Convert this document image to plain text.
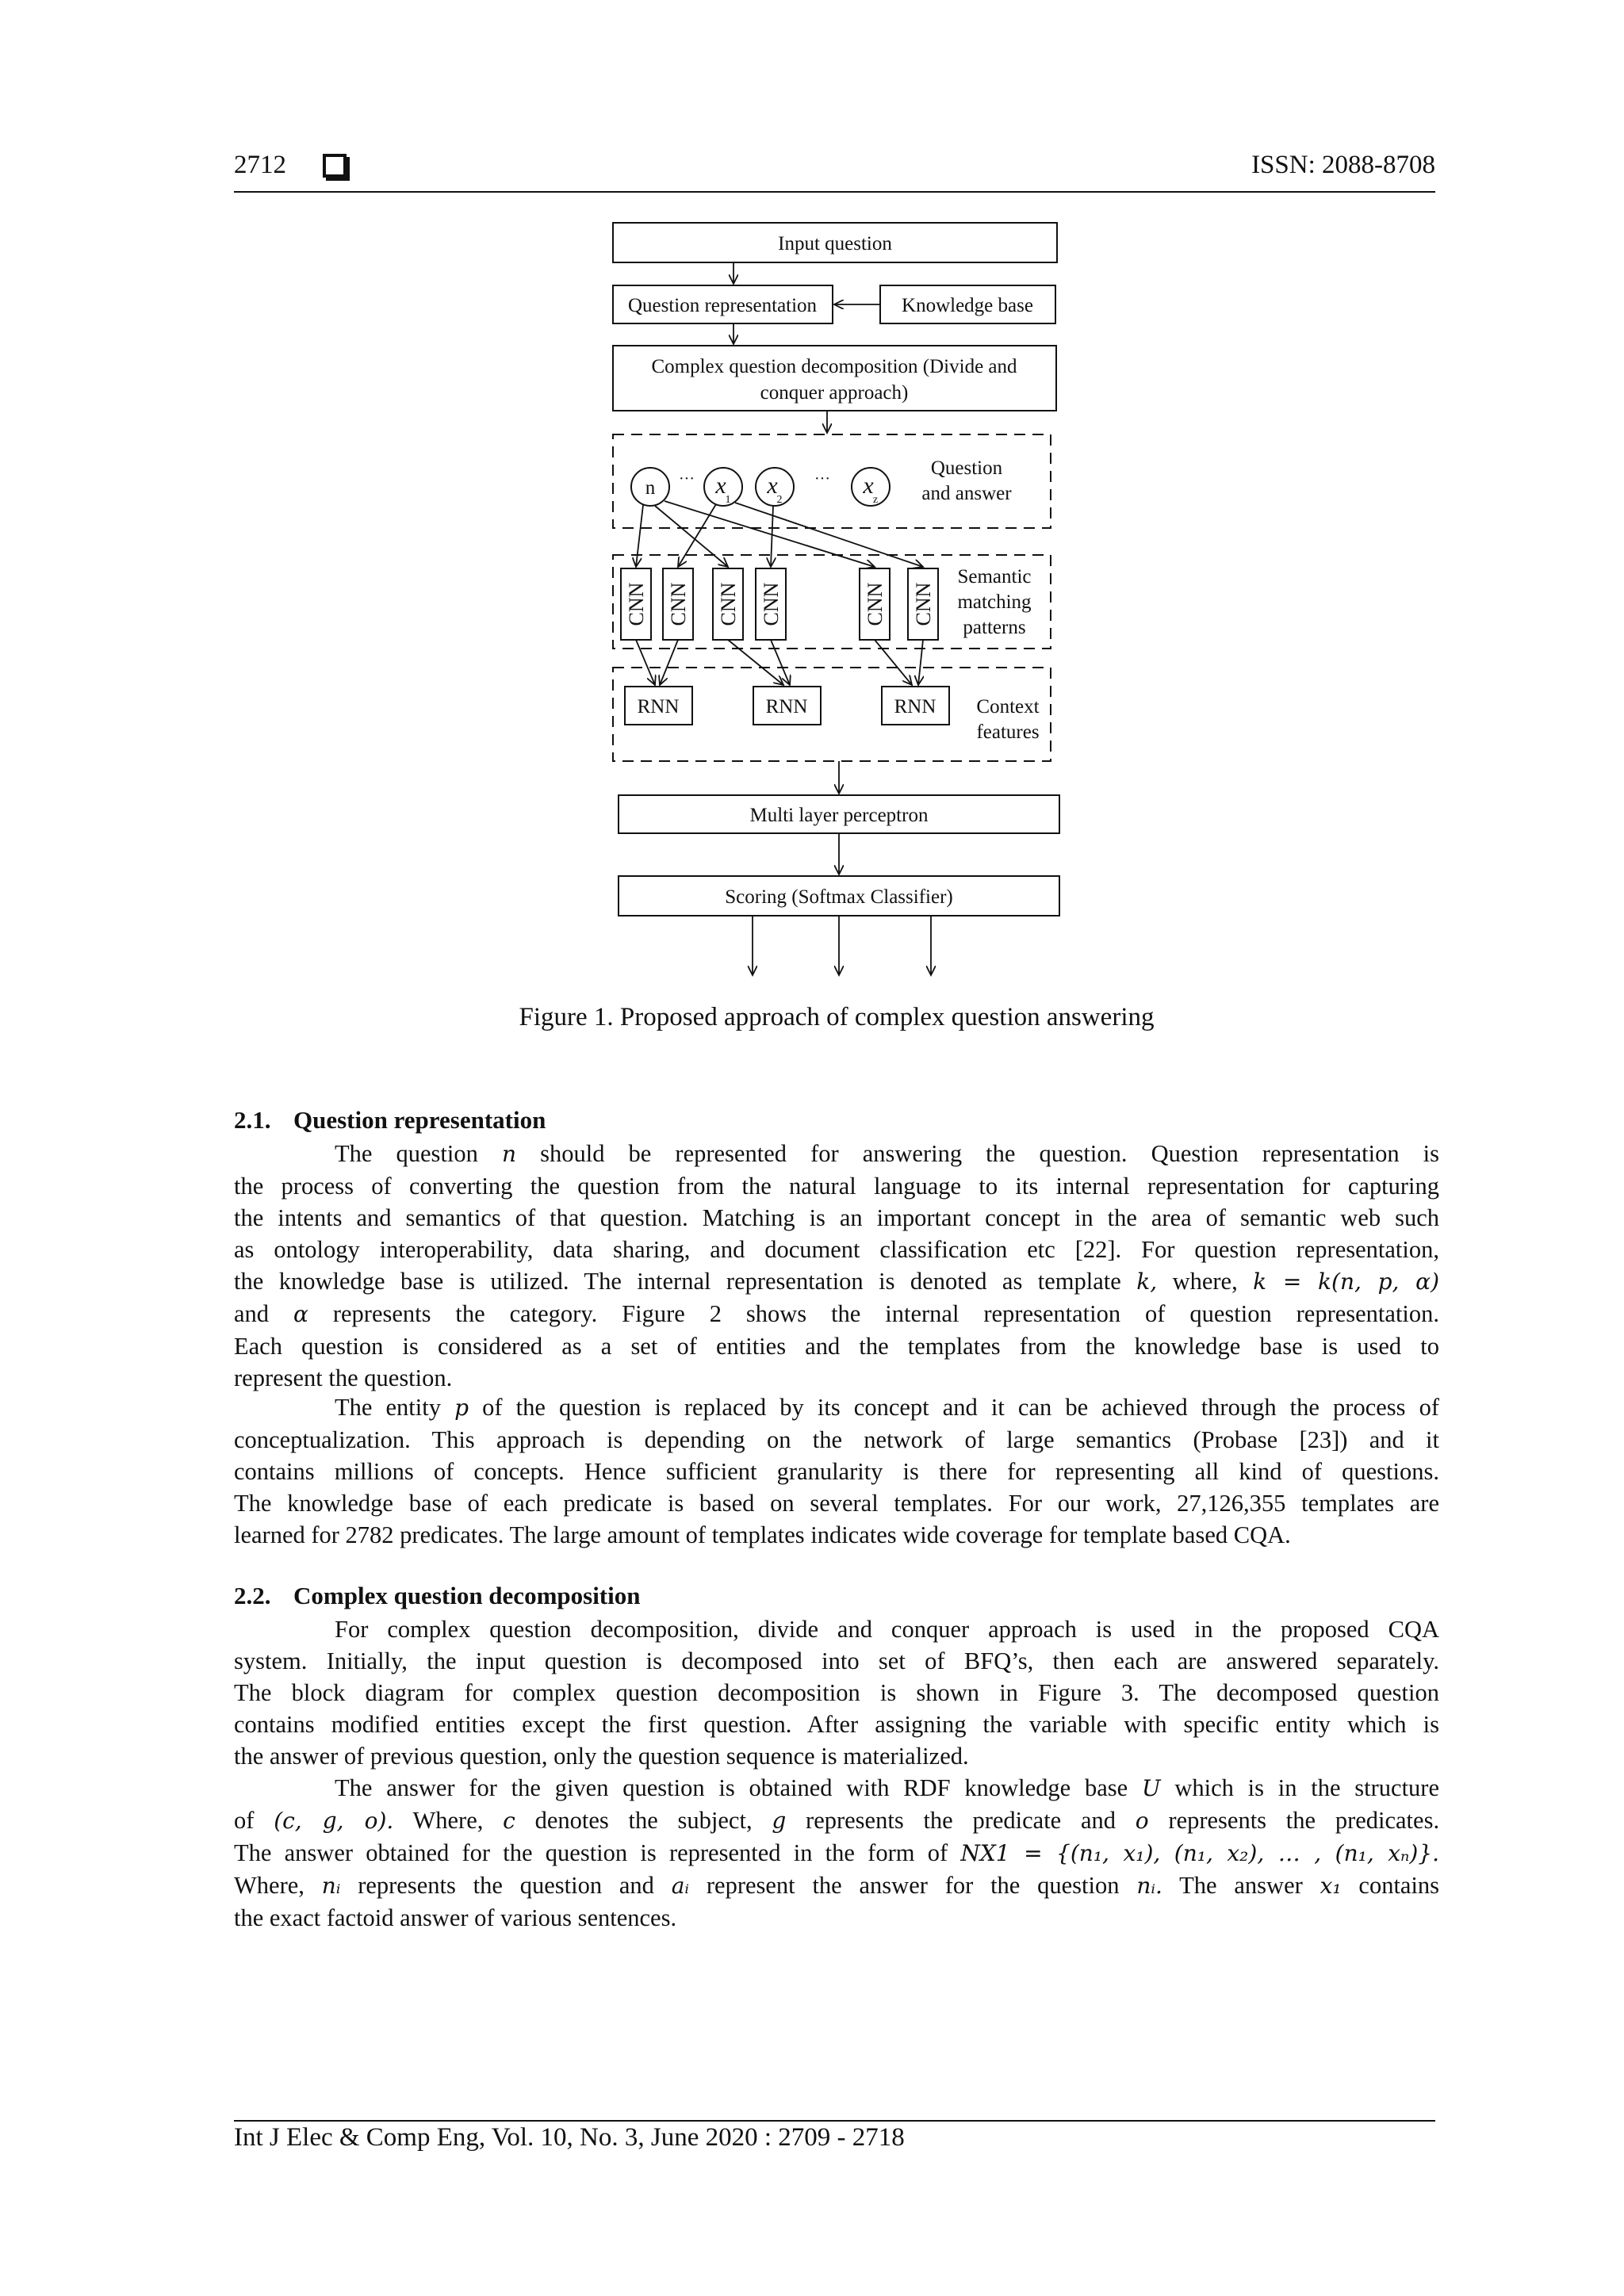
2712	ISSN: 2088-8708
Input question
Question representation	Knowledge base
Complex question decomposition (Divide and
conquer approach)
n ··· x
1
x
2
··· x
z
Question
and answer
CNN CNN CNN CNN	CNN CNN
Semantic
matching
patterns
RNN	RNN	RNN Context
features
Multi layer perceptron
Scoring (Softmax Classifier)
Figure 1. Proposed approach of complex question answering
2.1. Question representation
The question n should be represented for answering the question. Question representation is
the process of converting the question from the natural language to its internal representation for capturing
the intents and semantics of that question. Matching is an important concept in the area of semantic web such
as ontology interoperability, data sharing, and document classification etc [22]. For question representation,
the knowledge base is utilized. The internal representation is denoted as template k, where, k = k(n, p, α)
and α represents the category. Figure 2 shows the internal representation of question representation.
Each question is considered as a set of entities and the templates from the knowledge base is used to
represent the question.
The entity p of the question is replaced by its concept and it can be achieved through the process of
conceptualization. This approach is depending on the network of large semantics (Probase [23]) and it
contains millions of concepts. Hence sufficient granularity is there for representing all kind of questions.
The knowledge base of each predicate is based on several templates. For our work, 27,126,355 templates are
learned for 2782 predicates. The large amount of templates indicates wide coverage for template based CQA.
2.2. Complex question decomposition
For complex question decomposition, divide and conquer approach is used in the proposed CQA
system. Initially, the input question is decomposed into set of BFQ’s, then each are answered separately.
The block diagram for complex question decomposition is shown in Figure 3. The decomposed question
contains modified entities except the first question. After assigning the variable with specific entity which is
the answer of previous question, only the question sequence is materialized.
The answer for the given question is obtained with RDF knowledge base U which is in the structure
of (c, g, o). Where, c denotes the subject, g represents the predicate and o represents the predicates.
The answer obtained for the question is represented in the form of NX1 = {(n₁, x₁), (n₁, x₂), … , (n₁, xₙ)}.
Where, nᵢ represents the question and aᵢ represent the answer for the question nᵢ. The answer x₁ contains
the exact factoid answer of various sentences.
Int J Elec & Comp Eng, Vol. 10, No. 3, June 2020 : 2709 - 2718
